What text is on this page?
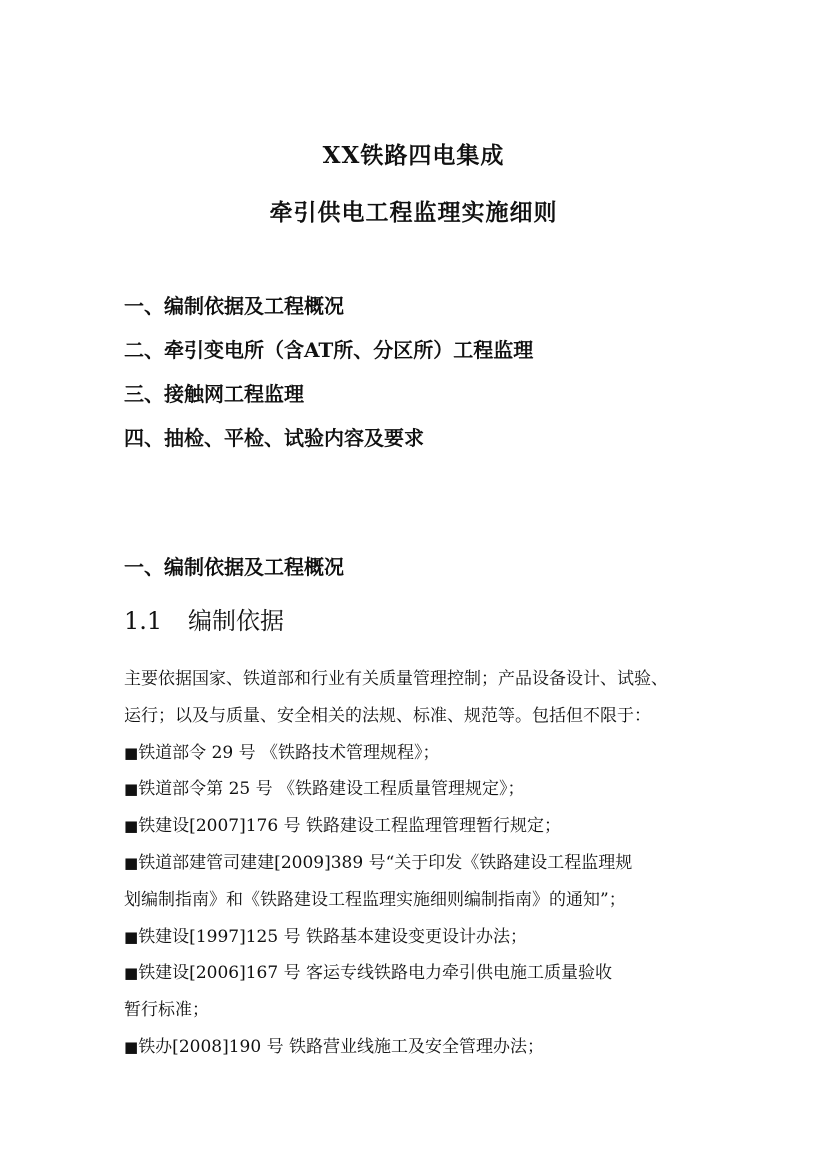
XX铁路四电集成
牵引供电工程监理实施细则
一、编制依据及工程概况
二、牵引变电所（含AT所、分区所）工程监理
三、接触网工程监理
四、抽检、平检、试验内容及要求
一、编制依据及工程概况
1.1 编制依据

主要依据国家、铁道部和行业有关质量管理控制；产品设备设计、试验、

运行；以及与质量、安全相关的法规、标准、规范等。包括但不限于：

■铁道部令 29 号 《铁路技术管理规程》；

■铁道部令第 25 号 《铁路建设工程质量管理规定》；

■铁建设[2007]176 号 铁路建设工程监理管理暂行规定；

■铁道部建管司建建[2009]389 号“关于印发《铁路建设工程监理规

划编制指南》和《铁路建设工程监理实施细则编制指南》的通知”；

■铁建设[1997]125 号 铁路基本建设变更设计办法；

■铁建设[2006]167 号 客运专线铁路电力牵引供电施工质量验收

暂行标准；

■铁办[2008]190 号 铁路营业线施工及安全管理办法；
